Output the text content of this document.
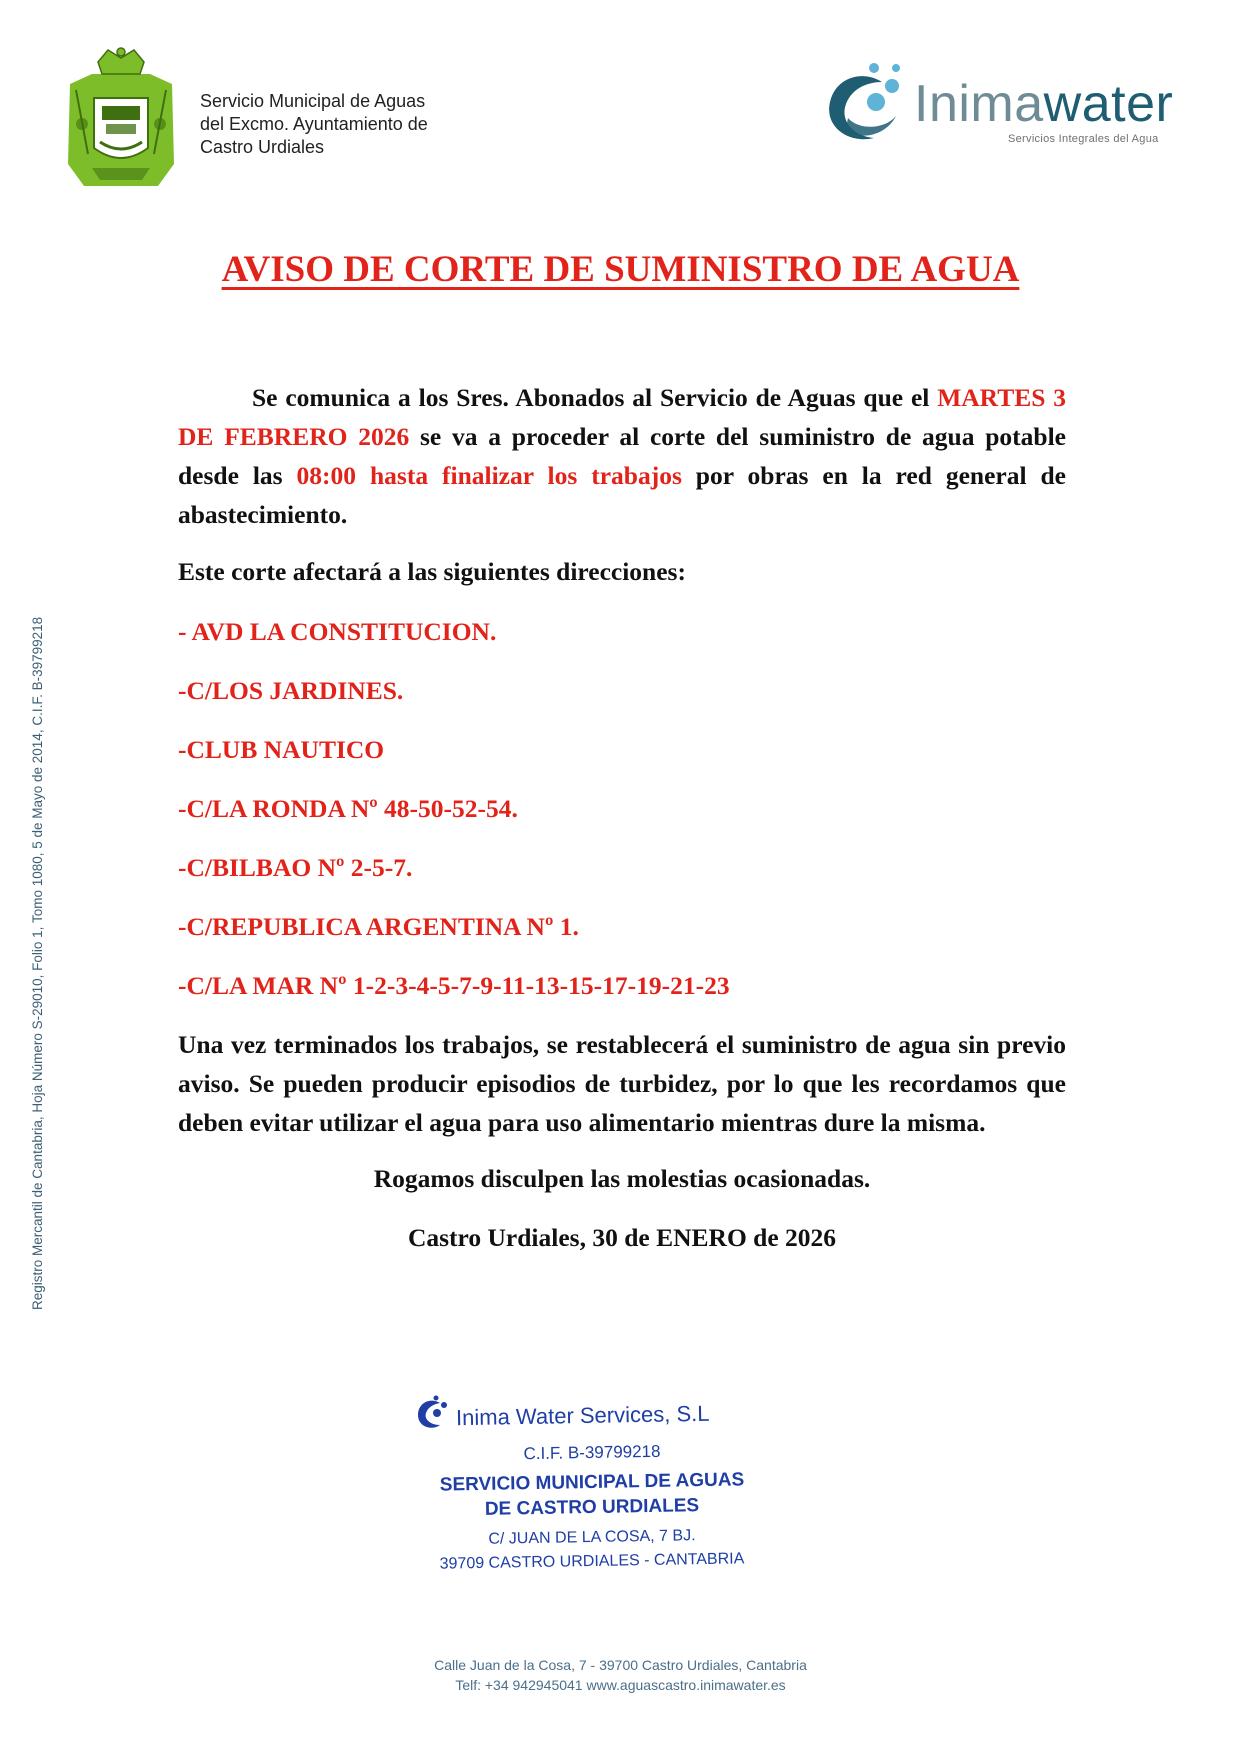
Servicio Municipal de Aguas
del Excmo. Ayuntamiento de
Castro Urdiales
Inimawater
Servicios Integrales del Agua
AVISO DE CORTE DE SUMINISTRO DE AGUA

Se comunica a los Sres. Abonados al Servicio de Aguas que el MARTES 3 DE FEBRERO 2026 se va a proceder al corte del suministro de agua potable desde las 08:00 hasta finalizar los trabajos por obras en la red general de abastecimiento.

Este corte afectará a las siguientes direcciones:

- AVD LA CONSTITUCION.

-C/LOS JARDINES.

-CLUB NAUTICO

-C/LA RONDA Nº 48-50-52-54.

-C/BILBAO Nº 2-5-7.

-C/REPUBLICA ARGENTINA Nº 1.

-C/LA MAR Nº 1-2-3-4-5-7-9-11-13-15-17-19-21-23

Una vez terminados los trabajos, se restablecerá el suministro de agua sin previo aviso. Se pueden producir episodios de turbidez, por lo que les recordamos que deben evitar utilizar el agua para uso alimentario mientras dure la misma.

Rogamos disculpen las molestias ocasionadas.

Castro Urdiales, 30 de ENERO de 2026

Registro Mercantil de Cantabria, Hoja Número S-29010, Folio 1, Tomo 1080, 5 de Mayo de 2014, C.I.F. B-39799218
Inima Water Services, S.L
C.I.F. B-39799218
SERVICIO MUNICIPAL DE AGUAS
DE CASTRO URDIALES
C/ JUAN DE LA COSA, 7 BJ.
39709 CASTRO URDIALES - CANTABRIA
Calle Juan de la Cosa, 7 - 39700 Castro Urdiales, Cantabria
Telf: +34 942945041 www.aguascastro.inimawater.es
